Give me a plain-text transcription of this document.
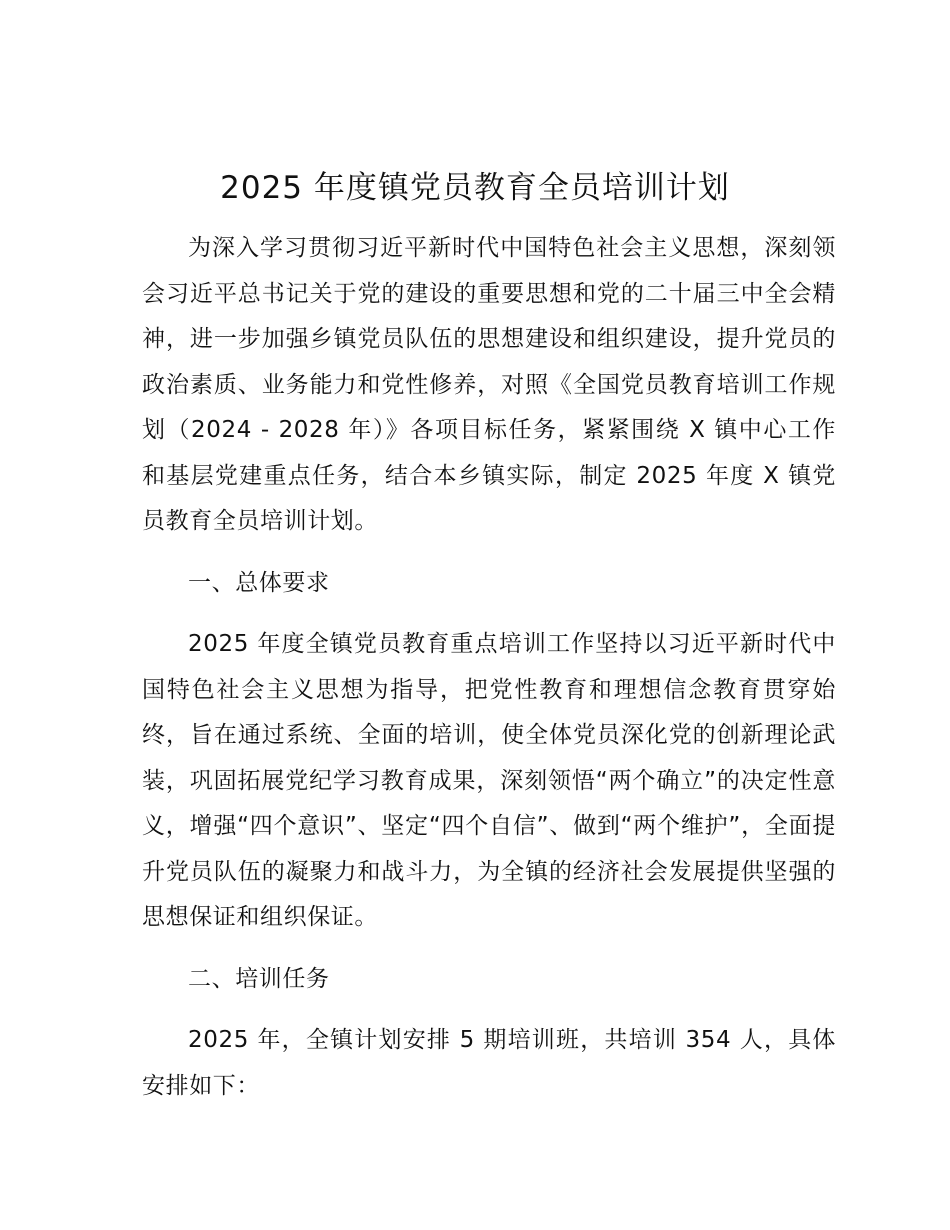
2025 年度镇党员教育全员培训计划

为深入学习贯彻习近平新时代中国特色社会主义思想，深刻领会习近平总书记关于党的建设的重要思想和党的二十届三中全会精神，进一步加强乡镇党员队伍的思想建设和组织建设，提升党员的政治素质、业务能力和党性修养，对照《全国党员教育培训工作规划（2024 - 2028 年）》各项目标任务，紧紧围绕 X 镇中心工作和基层党建重点任务，结合本乡镇实际，制定 2025 年度 X 镇党员教育全员培训计划。

一、总体要求

2025 年度全镇党员教育重点培训工作坚持以习近平新时代中国特色社会主义思想为指导，把党性教育和理想信念教育贯穿始终，旨在通过系统、全面的培训，使全体党员深化党的创新理论武装，巩固拓展党纪学习教育成果，深刻领悟“两个确立”的决定性意义，增强“四个意识”、坚定“四个自信”、做到“两个维护”，全面提升党员队伍的凝聚力和战斗力，为全镇的经济社会发展提供坚强的思想保证和组织保证。

二、培训任务

2025 年，全镇计划安排 5 期培训班，共培训 354 人，具体安排如下：
